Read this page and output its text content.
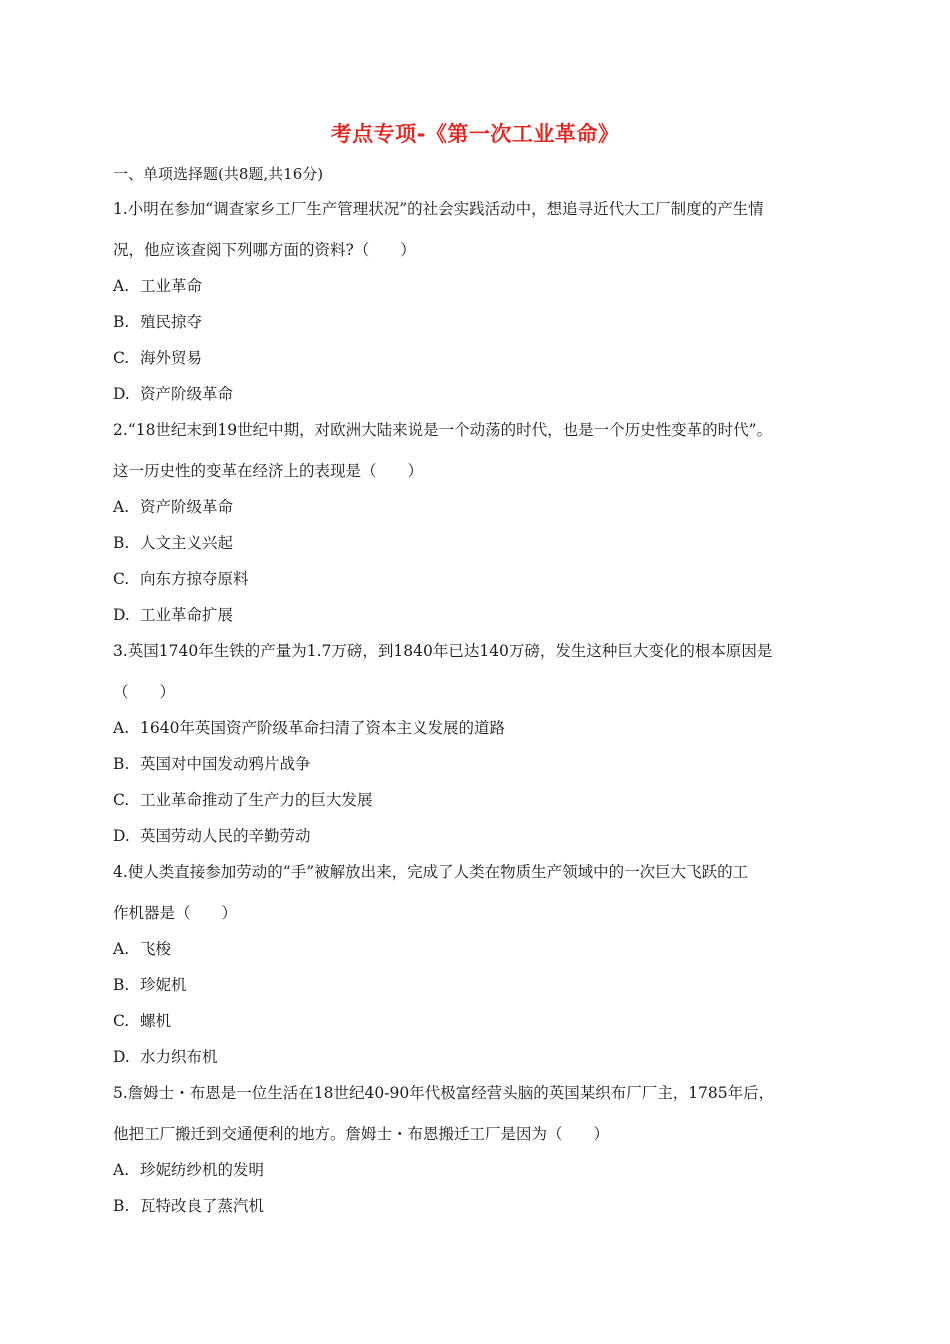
考点专项-《第一次工业革命》
一、单项选择题(共8题,共16分)
1.小明在参加“调查家乡工厂生产管理状况”的社会实践活动中，想追寻近代大工厂制度的产生情
况，他应该查阅下列哪方面的资料?（　　）
A. 工业革命
B. 殖民掠夺
C. 海外贸易
D. 资产阶级革命
2.“18世纪末到19世纪中期，对欧洲大陆来说是一个动荡的时代，也是一个历史性变革的时代”。
这一历史性的变革在经济上的表现是（　　）
A. 资产阶级革命
B. 人文主义兴起
C. 向东方掠夺原料
D. 工业革命扩展
3.英国1740年生铁的产量为1.7万磅，到1840年已达140万磅，发生这种巨大变化的根本原因是
（　　）
A. 1640年英国资产阶级革命扫清了资本主义发展的道路
B. 英国对中国发动鸦片战争
C. 工业革命推动了生产力的巨大发展
D. 英国劳动人民的辛勤劳动
4.使人类直接参加劳动的“手”被解放出来，完成了人类在物质生产领域中的一次巨大飞跃的工
作机器是（　　）
A. 飞梭
B. 珍妮机
C. 螺机
D. 水力织布机
5.詹姆士・布恩是一位生活在18世纪40-90年代极富经营头脑的英国某织布厂厂主，1785年后，
他把工厂搬迁到交通便利的地方。詹姆士・布恩搬迁工厂是因为（　　）
A. 珍妮纺纱机的发明
B. 瓦特改良了蒸汽机
